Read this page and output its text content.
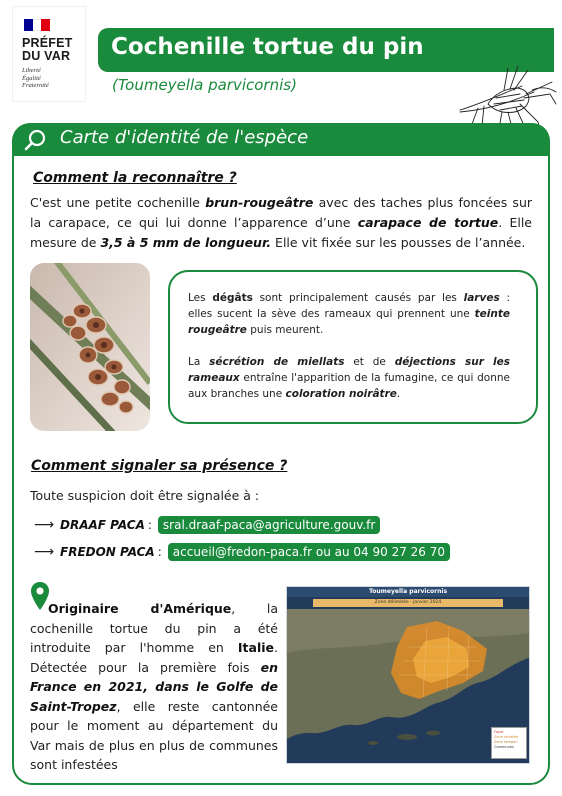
PRÉFET
DU VAR
Liberté
Égalité
Fraternité
Cochenille tortue du pin
(Toumeyella parvicornis)
Carte d'identité de l'espèce
Comment la reconnaître ?

C'est une petite cochenille brun-rougeâtre avec des taches plus foncées sur la carapace, ce qui lui donne l’apparence d’une carapace de tortue. Elle mesure de 3,5 à 5 mm de longueur. Elle vit fixée sur les pousses de l’année.

Les dégâts sont principalement causés par les larves : elles sucent la sève des rameaux qui prennent une teinte rougeâtre puis meurent.

La sécrétion de miellats et de déjections sur les rameaux entraîne l'apparition de la fumagine, ce qui donne aux branches une coloration noirâtre.

Comment signaler sa présence ?
Toute suspicion doit être signalée à :
⟶ DRAAF PACA : sral.draaf-paca@agriculture.gouv.fr
⟶ FREDON PACA : accueil@fredon-paca.fr ou au 04 90 27 26 70

Originaire d'Amérique, la cochenille tortue du pin a été introduite par l'homme en Italie. Détectée pour la première fois en France en 2021, dans le Golfe de Saint-Tropez, elle reste cantonnée pour le moment au département du Var mais de plus en plus de communes sont infestées

Toumeyella parvicornis
Zone délimitée · janvier 2024
Foyer
Zone infestée
Zone tampon
Communes
